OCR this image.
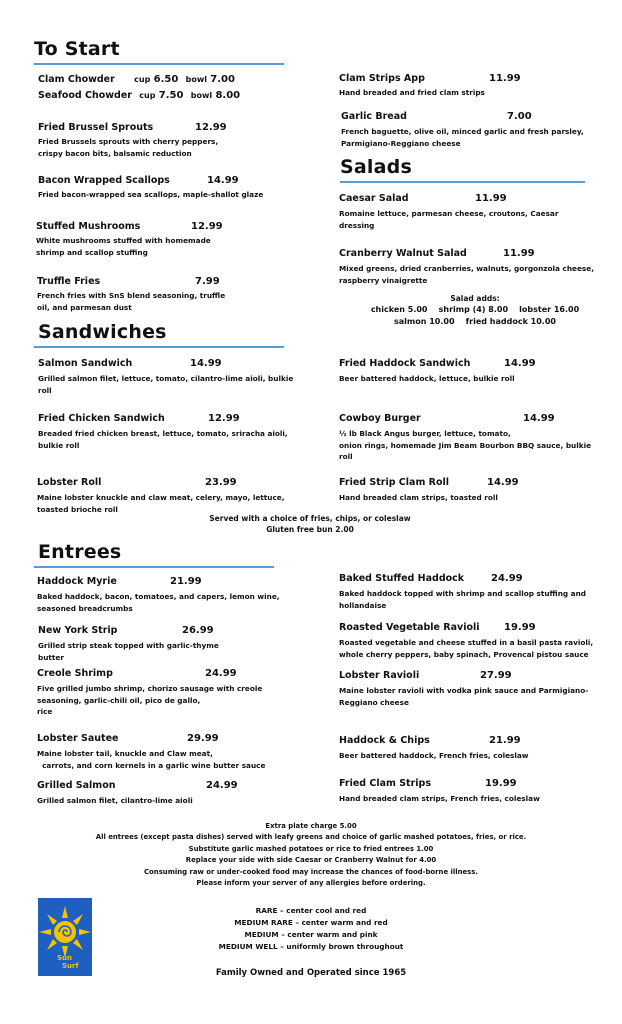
To Start
Salads
Sandwiches
Entrees
Clam Chowder cup 6.50 bowl 7.00
Seafood Chowder cup 7.50 bowl 8.00
Fried Brussel Sprouts	12.99
Fried Brussels sprouts with cherry peppers,
crispy bacon bits, balsamic reduction
Bacon Wrapped Scallops	14.99
Fried bacon-wrapped sea scallops, maple-shallot glaze
Stuffed Mushrooms	12.99
White mushrooms stuffed with homemade
shrimp and scallop stuffing
Truffle Fries	7.99
French fries with SnS blend seasoning, truffle
oil, and parmesan dust
Clam Strips App	11.99
Hand breaded and fried clam strips
Garlic Bread	7.00
French baguette, olive oil, minced garlic and fresh parsley,
Parmigiano-Reggiano cheese
Caesar Salad	11.99
Romaine lettuce, parmesan cheese, croutons, Caesar
dressing
Cranberry Walnut Salad	11.99
Mixed greens, dried cranberries, walnuts, gorgonzola cheese,
raspberry vinaigrette
Salad adds:
chicken 5.00    shrimp (4) 8.00    lobster 16.00
salmon 10.00    fried haddock 10.00
Salmon Sandwich	14.99
Grilled salmon filet, lettuce, tomato, cilantro-lime aioli, bulkie
roll
Fried Chicken Sandwich	12.99
Breaded fried chicken breast, lettuce, tomato, sriracha aioli,
bulkie roll
Lobster Roll	23.99
Maine lobster knuckle and claw meat, celery, mayo, lettuce,
toasted brioche roll
Fried Haddock Sandwich	14.99
Beer battered haddock, lettuce, bulkie roll
Cowboy Burger	14.99
½ lb Black Angus burger, lettuce, tomato,
onion rings, homemade Jim Beam Bourbon BBQ sauce, bulkie
roll
Fried Strip Clam Roll	14.99
Hand breaded clam strips, toasted roll
Served with a choice of fries, chips, or coleslaw
Gluten free bun 2.00
Haddock Myrie	21.99
Baked haddock, bacon, tomatoes, and capers, lemon wine,
seasoned breadcrumbs
New York Strip	26.99
Grilled strip steak topped with garlic-thyme
butter
Creole Shrimp	24.99
Five grilled jumbo shrimp, chorizo sausage with creole
seasoning, garlic-chili oil, pico de gallo,
rice
Lobster Sautee	29.99
Maine lobster tail, knuckle and Claw meat,
carrots, and corn kernels in a garlic wine butter sauce
Grilled Salmon	24.99
Grilled salmon filet, cilantro-lime aioli
Baked Stuffed Haddock	24.99
Baked haddock topped with shrimp and scallop stuffing and
hollandaise
Roasted Vegetable Ravioli 19.99
Roasted vegetable and cheese stuffed in a basil pasta ravioli,
whole cherry peppers, baby spinach, Provencal pistou sauce
Lobster Ravioli	27.99
Maine lobster ravioli with vodka pink sauce and Parmigiano-
Reggiano cheese
Haddock & Chips	21.99
Beer battered haddock, French fries, coleslaw
Fried Clam Strips	19.99
Hand breaded clam strips, French fries, coleslaw
Extra plate charge 5.00
All entrees (except pasta dishes) served with leafy greens and choice of garlic mashed potatoes, fries, or rice.
Substitute garlic mashed potatoes or rice to fried entrees 1.00
Replace your side with side Caesar or Cranberry Walnut for 4.00
Consuming raw or under-cooked food may increase the chances of food-borne illness.
Please inform your server of any allergies before ordering.
RARE – center cool and red
MEDIUM RARE – center warm and red
MEDIUM – center warm and pink
MEDIUM WELL – uniformly brown throughout
Family Owned and Operated since 1965
Sun
Surf
